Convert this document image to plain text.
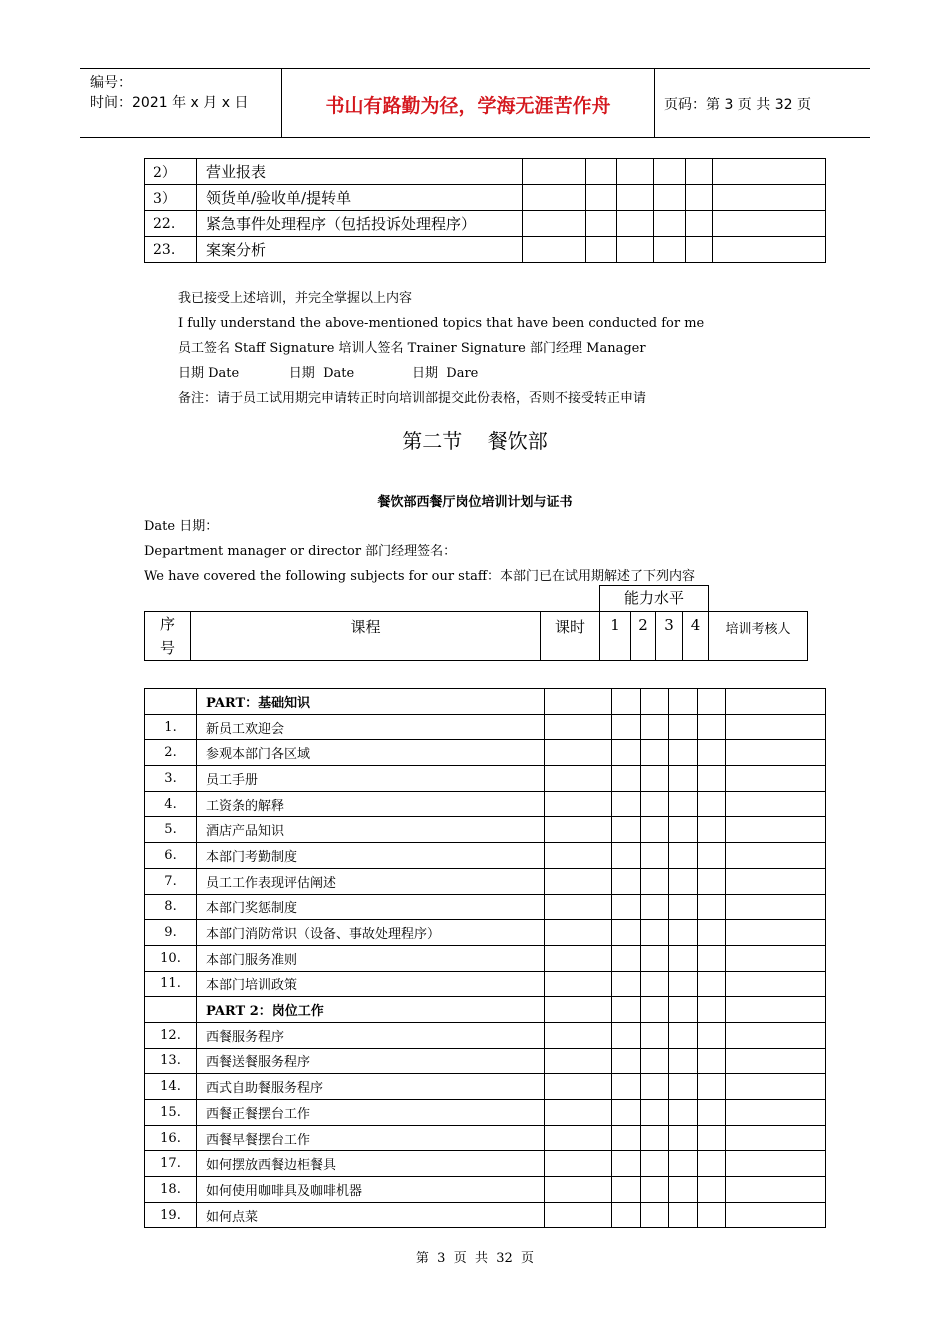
编号：
时间：2021 年 x 月 x 日	书山有路勤为径，学海无涯苦作舟	页码：第 3 页 共 32 页
2）	营业报表						
3）	领货单/验收单/提转单						
22.	紧急事件处理程序（包括投诉处理程序）						
23.	案案分析						
我已接受上述培训，并完全掌握以上内容
I fully understand the above-mentioned topics that have been conducted for me
员工签名 Staff Signature 培训人签名 Trainer Signature 部门经理 Manager
日期 Date            日期  Date              日期  Dare
备注：请于员工试用期完申请转正时向培训部提交此份表格，否则不接受转正申请
第二节    餐饮部
餐饮部西餐厅岗位培训计划与证书
Date 日期：
Department manager or director 部门经理签名：
We have covered the following subjects for our staff：本部门已在试用期解述了下列内容
能力水平
序号	课程	课时	1	2	3	4	培训考核人
	PART：基础知识						
1.	新员工欢迎会						
2.	参观本部门各区域						
3.	员工手册						
4.	工资条的解释						
5.	酒店产品知识						
6.	本部门考勤制度						
7.	员工工作表现评估阐述						
8.	本部门奖惩制度						
9.	本部门消防常识（设备、事故处理程序）						
10.	本部门服务准则						
11.	本部门培训政策						
	PART 2：岗位工作						
12.	西餐服务程序						
13.	西餐送餐服务程序						
14.	西式自助餐服务程序						
15.	西餐正餐摆台工作						
16.	西餐早餐摆台工作						
17.	如何摆放西餐边柜餐具						
18.	如何使用咖啡具及咖啡机器						
19.	如何点菜						
第  3  页  共  32  页
